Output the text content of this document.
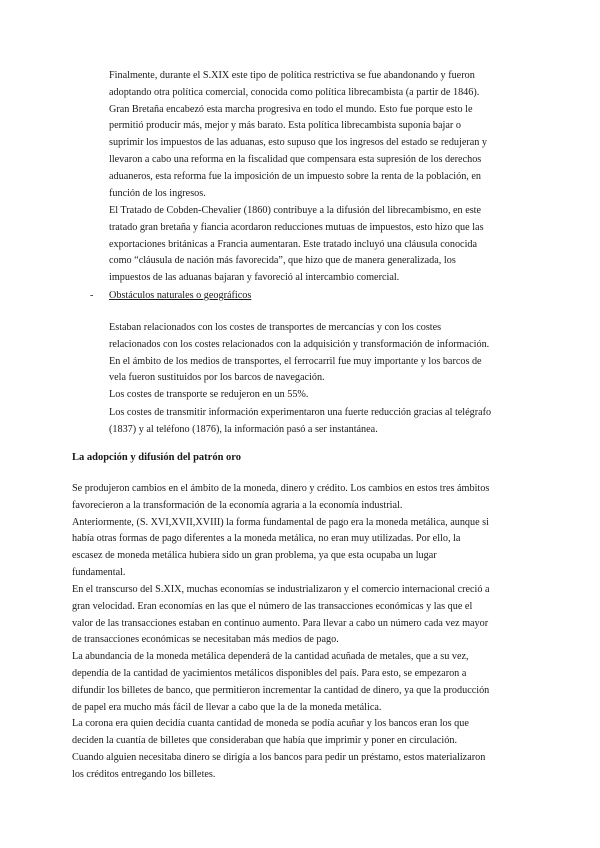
Finalmente, durante el S.XIX este tipo de política restrictiva se fue abandonando y fueron
adoptando otra política comercial, conocida como política librecambista (a partir de 1846).
Gran Bretaña encabezó esta marcha progresiva en todo el mundo. Esto fue porque esto le
permitió producir más, mejor y más barato. Esta política librecambista suponía bajar o
suprimir los impuestos de las aduanas, esto supuso que los ingresos del estado se redujeran y
llevaron a cabo una reforma en la fiscalidad que compensara esta supresión de los derechos
aduaneros, esta reforma fue la imposición de un impuesto sobre la renta de la población, en
función de los ingresos.
El Tratado de Cobden-Chevalier (1860) contribuye a la difusión del librecambismo, en este
tratado gran bretaña y fiancia acordaron reducciones mutuas de impuestos, esto hizo que las
exportaciones británicas a Francia aumentaran. Este tratado incluyó una cláusula conocida
como “cláusula de nación más favorecida”, que hizo que de manera generalizada, los
impuestos de las aduanas bajaran y favoreció al intercambio comercial.
- Obstáculos naturales o geográficos
Estaban relacionados con los costes de transportes de mercancías y con los costes
relacionados con los costes relacionados con la adquisición y transformación de información.
En el ámbito de los medios de transportes, el ferrocarril fue muy importante y los barcos de
vela fueron sustituidos por los barcos de navegación.
Los costes de transporte se redujeron en un 55%.
Los costes de transmitir información experimentaron una fuerte reducción gracias al telégrafo
(1837) y al teléfono (1876), la información pasó a ser instantánea.
La adopción y difusión del patrón oro
Se produjeron cambios en el ámbito de la moneda, dinero y crédito. Los cambios en estos tres ámbitos
favorecieron a la transformación de la economía agraria a la economía industrial.
Anteriormente, (S. XVI,XVII,XVIII) la forma fundamental de pago era la moneda metálica, aunque si
había otras formas de pago diferentes a la moneda metálica, no eran muy utilizadas. Por ello, la
escasez de moneda metálica hubiera sido un gran problema, ya que esta ocupaba un lugar
fundamental.
En el transcurso del S.XIX, muchas economías se industrializaron y el comercio internacional creció a
gran velocidad. Eran economías en las que el número de las transacciones económicas y las que el
valor de las transacciones estaban en continuo aumento. Para llevar a cabo un número cada vez mayor
de transacciones económicas se necesitaban más medios de pago.
La abundancia de la moneda metálica dependerá de la cantidad acuñada de metales, que a su vez,
dependía de la cantidad de yacimientos metálicos disponibles del país. Para esto, se empezaron a
difundir los billetes de banco, que permitieron incrementar la cantidad de dinero, ya que la producción
de papel era mucho más fácil de llevar a cabo que la de la moneda metálica.
La corona era quien decidía cuanta cantidad de moneda se podía acuñar y los bancos eran los que
deciden la cuantía de billetes que consideraban que había que imprimir y poner en circulación.
Cuando alguien necesitaba dinero se dirigía a los bancos para pedir un préstamo, estos materializaron
los créditos entregando los billetes.
